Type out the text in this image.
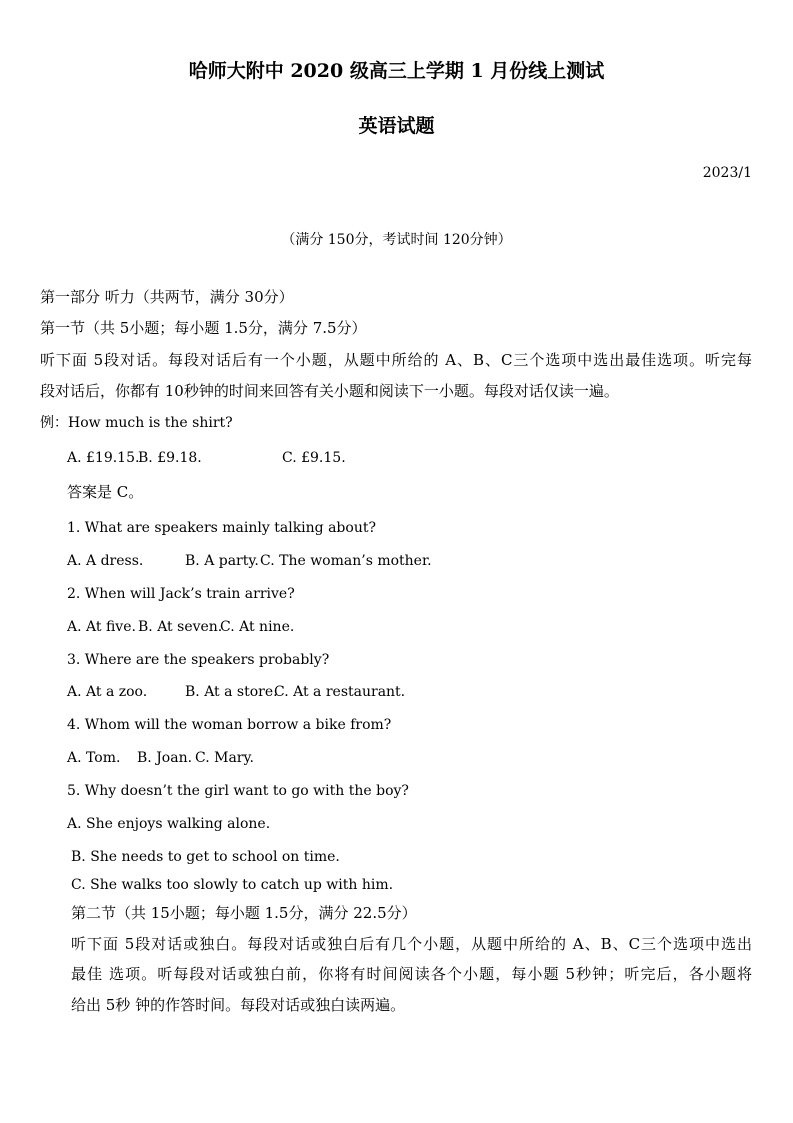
哈师大附中 2020 级高三上学期 1 月份线上测试
英语试题
2023/1
（满分 150分，考试时间 120分钟）
第一部分 听力（共两节，满分 30分）
第一节（共 5小题；每小题 1.5分，满分 7.5分）
听下面 5段对话。每段对话后有一个小题，从题中所给的 A、B、C三个选项中选出最佳选项。听完每
段对话后，你都有 10秒钟的时间来回答有关小题和阅读下一小题。每段对话仅读一遍。
例：How much is the shirt?
A. £19.15.
B. £9.18.	C. £9.15.
答案是 C。
1. What are speakers mainly talking about?
A. A dress.	B. A party. C. The woman’s mother.
2. When will Jack’s train arrive?
A. At five. B. At seven.
C. At nine.
3. Where are the speakers probably?
A. At a zoo.	B. At a store.
C. At a restaurant.
4. Whom will the woman borrow a bike from?
A. Tom. B. Joan. C. Mary.
5. Why doesn’t the girl want to go with the boy?
A. She enjoys walking alone.
B. She needs to get to school on time.
C. She walks too slowly to catch up with him.
第二节（共 15小题；每小题 1.5分，满分 22.5分）
听下面 5段对话或独白。每段对话或独白后有几个小题，从题中所给的 A、B、C三个选项中选出
最佳 选项。听每段对话或独白前，你将有时间阅读各个小题，每小题 5秒钟；听完后，各小题将
给出 5秒 钟的作答时间。每段对话或独白读两遍。
